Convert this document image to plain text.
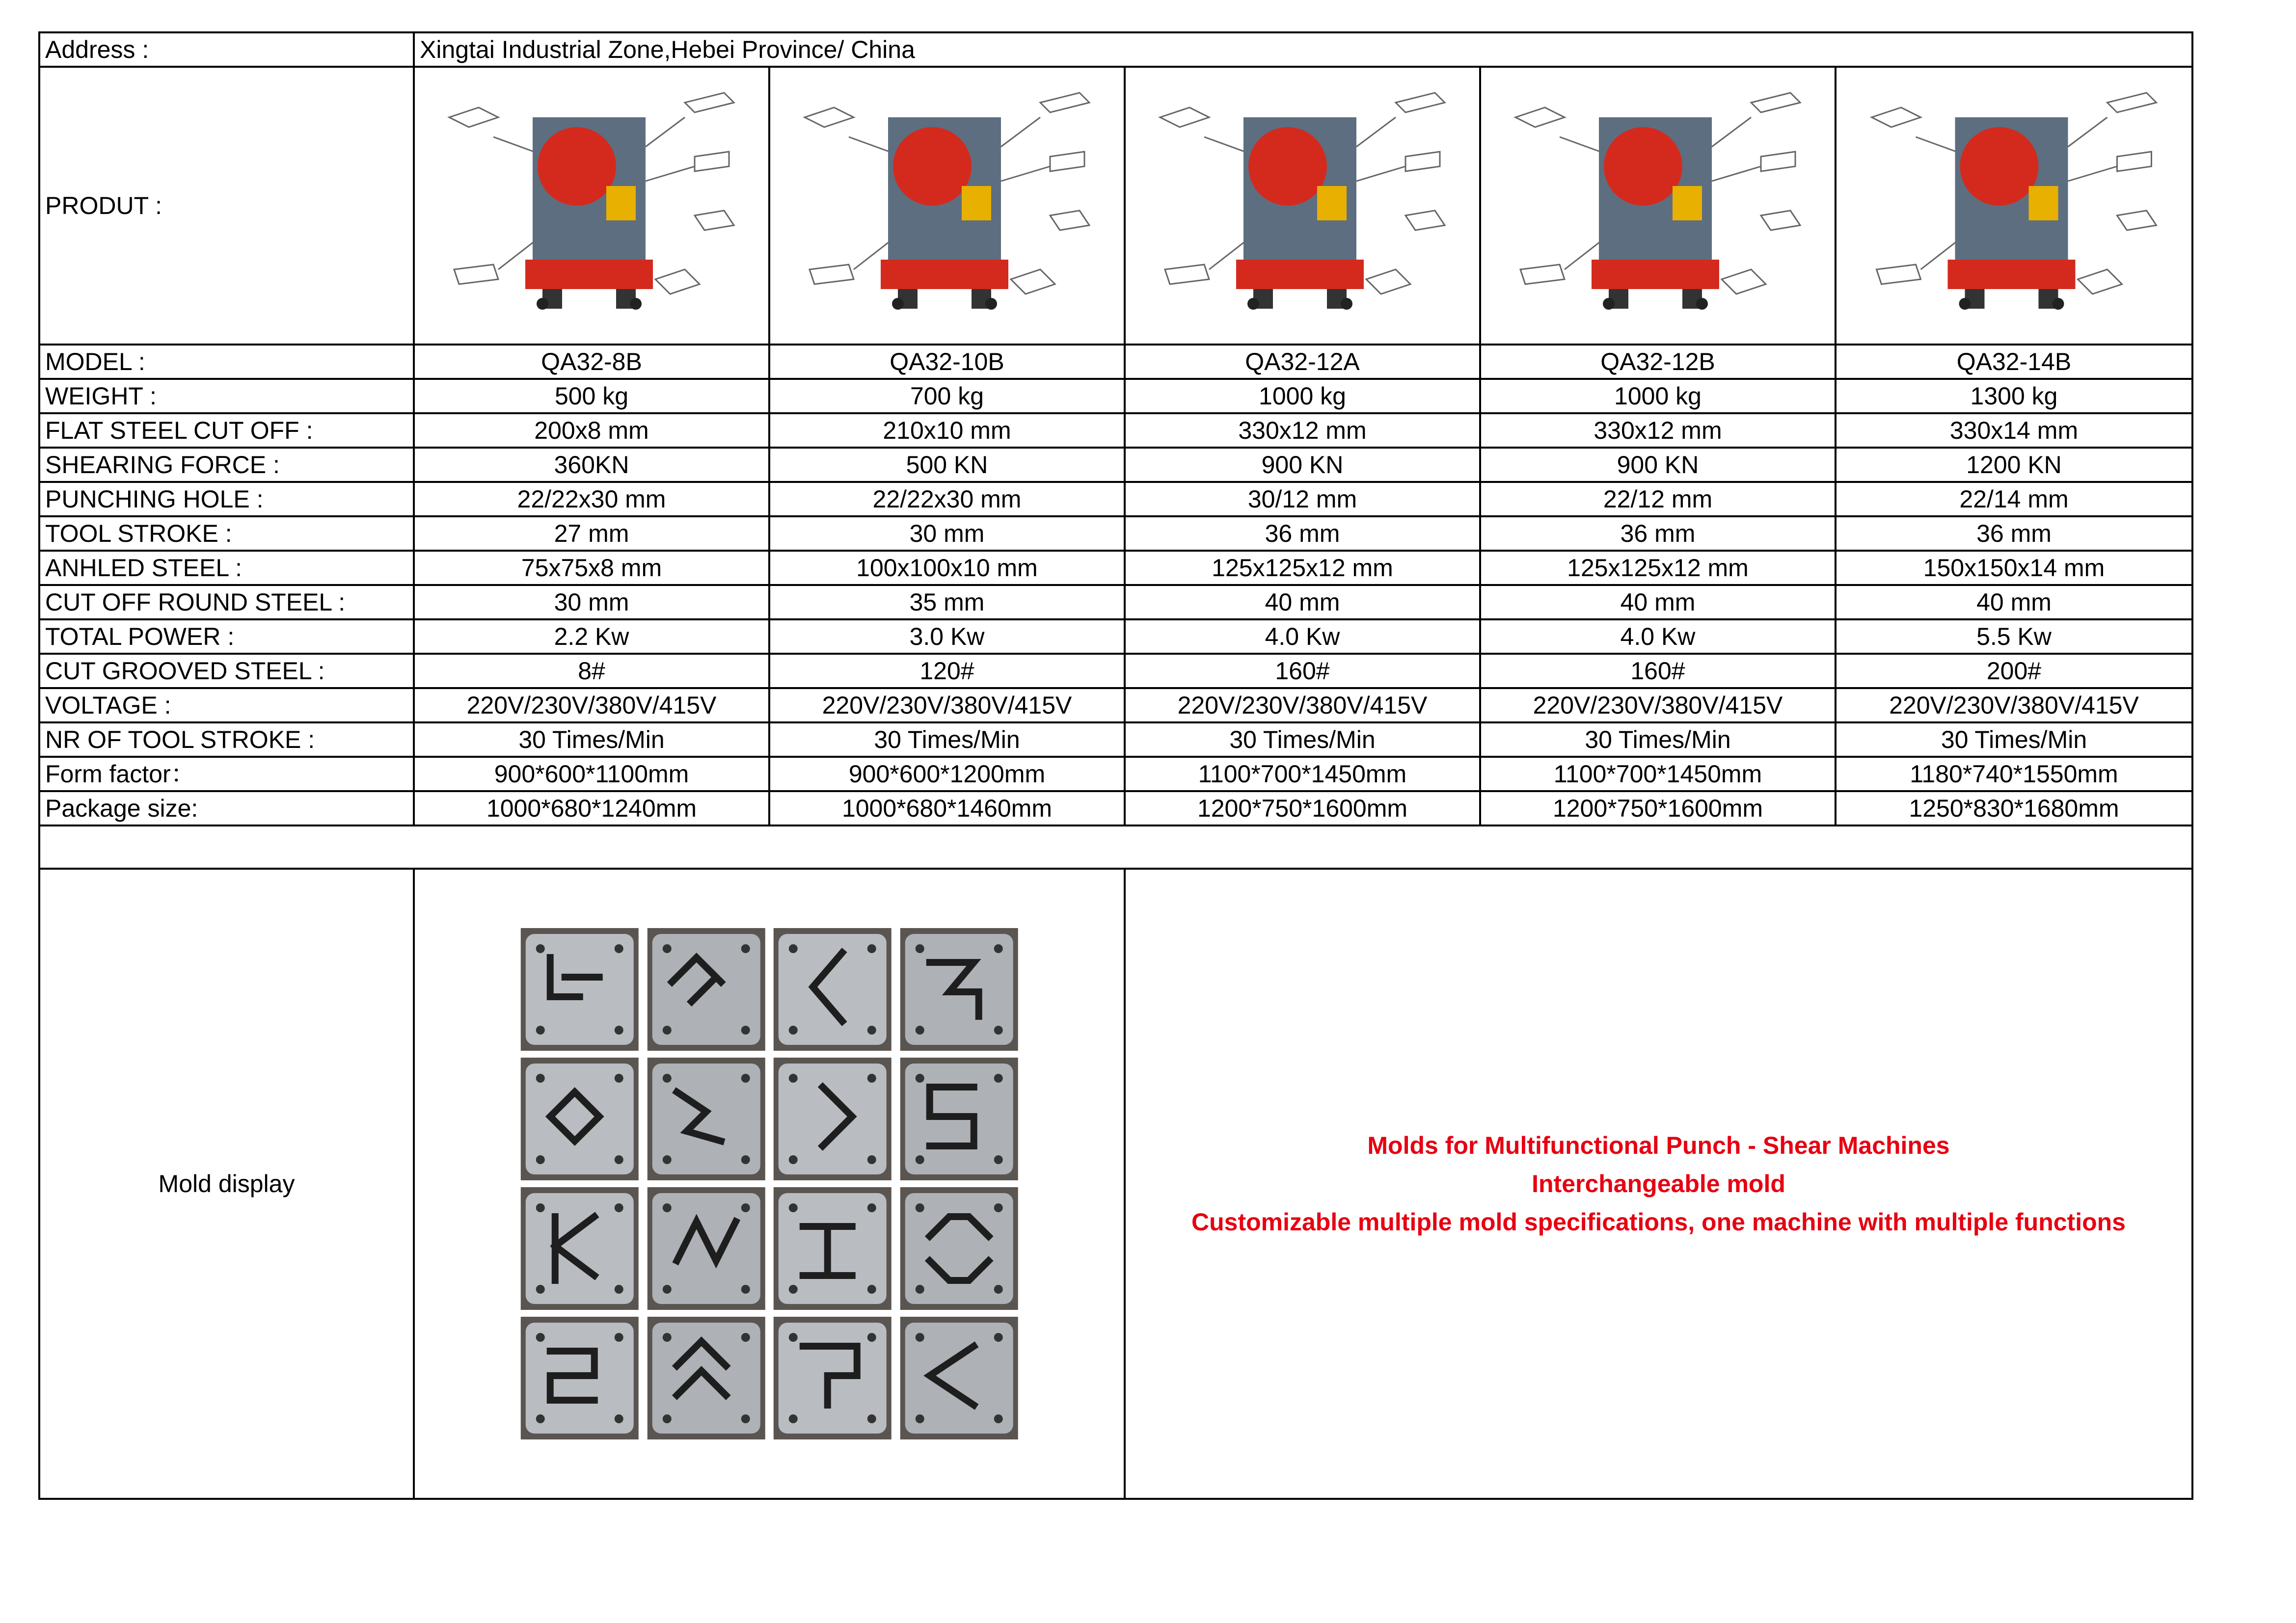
Address :	Xingtai Industrial Zone,Hebei Province/ China				
PRODUT :	

MODEL :	QA32-8B	QA32-10B	QA32-12A	QA32-12B	QA32-14B
WEIGHT :	500 kg	700 kg	1000 kg	1000 kg	1300 kg
FLAT STEEL CUT OFF :	200x8 mm	210x10 mm	330x12 mm	330x12 mm	330x14 mm
SHEARING FORCE :	360KN	500 KN	900 KN	900 KN	1200 KN
PUNCHING HOLE :	22/22x30 mm	22/22x30 mm	30/12 mm	22/12 mm	22/14 mm
TOOL STROKE :	27 mm	30 mm	36 mm	36 mm	36 mm
ANHLED STEEL :	75x75x8 mm	100x100x10 mm	125x125x12 mm	125x125x12 mm	150x150x14 mm
CUT OFF ROUND STEEL :	30 mm	35 mm	40 mm	40 mm	40 mm
TOTAL POWER :	2.2 Kw	3.0 Kw	4.0 Kw	4.0 Kw	5.5 Kw
CUT GROOVED STEEL :	8#	120#	160#	160#	200#
VOLTAGE :	220V/230V/380V/415V	220V/230V/380V/415V	220V/230V/380V/415V	220V/230V/380V/415V	220V/230V/380V/415V
NR OF TOOL STROKE :	30 Times/Min	30 Times/Min	30 Times/Min	30 Times/Min	30 Times/Min
Form factor：	900*600*1100mm	900*600*1200mm	1100*700*1450mm	1100*700*1450mm	1180*740*1550mm
Package size:	1000*680*1240mm	1000*680*1460mm	1200*750*1600mm	1200*750*1600mm	1250*830*1680mm

Mold display			Molds for Multifunctional Punch - Shear Machines
Interchangeable mold
Customizable multiple mold specifications, one machine with multiple functions		
